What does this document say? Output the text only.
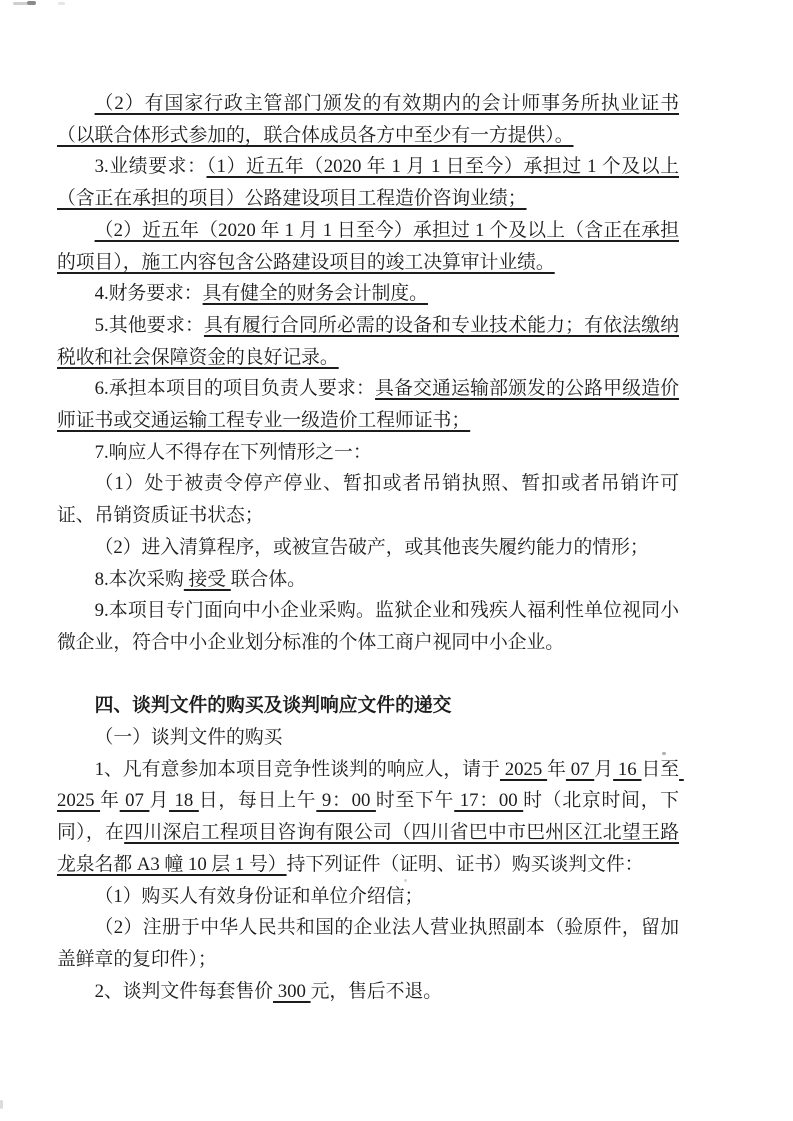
（2）有国家行政主管部门颁发的有效期内的会计师事务所执业证书（以联合体形式参加的，联合体成员各方中至少有一方提供）。

3.业绩要求：（1）近五年（2020 年 1 月 1 日至今）承担过 1 个及以上（含正在承担的项目）公路建设项目工程造价咨询业绩；

（2）近五年（2020 年 1 月 1 日至今）承担过 1 个及以上（含正在承担的项目），施工内容包含公路建设项目的竣工决算审计业绩。

4.财务要求：具有健全的财务会计制度。

5.其他要求：具有履行合同所必需的设备和专业技术能力；有依法缴纳税收和社会保障资金的良好记录。

6.承担本项目的项目负责人要求：具备交通运输部颁发的公路甲级造价师证书或交通运输工程专业一级造价工程师证书；

7.响应人不得存在下列情形之一：

（1）处于被责令停产停业、暂扣或者吊销执照、暂扣或者吊销许可证、吊销资质证书状态；

（2）进入清算程序，或被宣告破产，或其他丧失履约能力的情形；

8.本次采购 接受 联合体。

9.本项目专门面向中小企业采购。监狱企业和残疾人福利性单位视同小微企业，符合中小企业划分标准的个体工商户视同中小企业。

四、谈判文件的购买及谈判响应文件的递交

（一）谈判文件的购买

1、凡有意参加本项目竞争性谈判的响应人，请于 2025 年 07 月 16 日至 2025 年 07 月 18 日，每日上午 9：00 时至下午 17：00 时（北京时间，下同），在四川深启工程项目咨询有限公司（四川省巴中市巴州区江北望王路龙泉名都 A3 幢 10 层 1 号）持下列证件（证明、证书）购买谈判文件：

（1）购买人有效身份证和单位介绍信；

（2）注册于中华人民共和国的企业法人营业执照副本（验原件，留加盖鲜章的复印件）；

2、谈判文件每套售价 300 元，售后不退。
